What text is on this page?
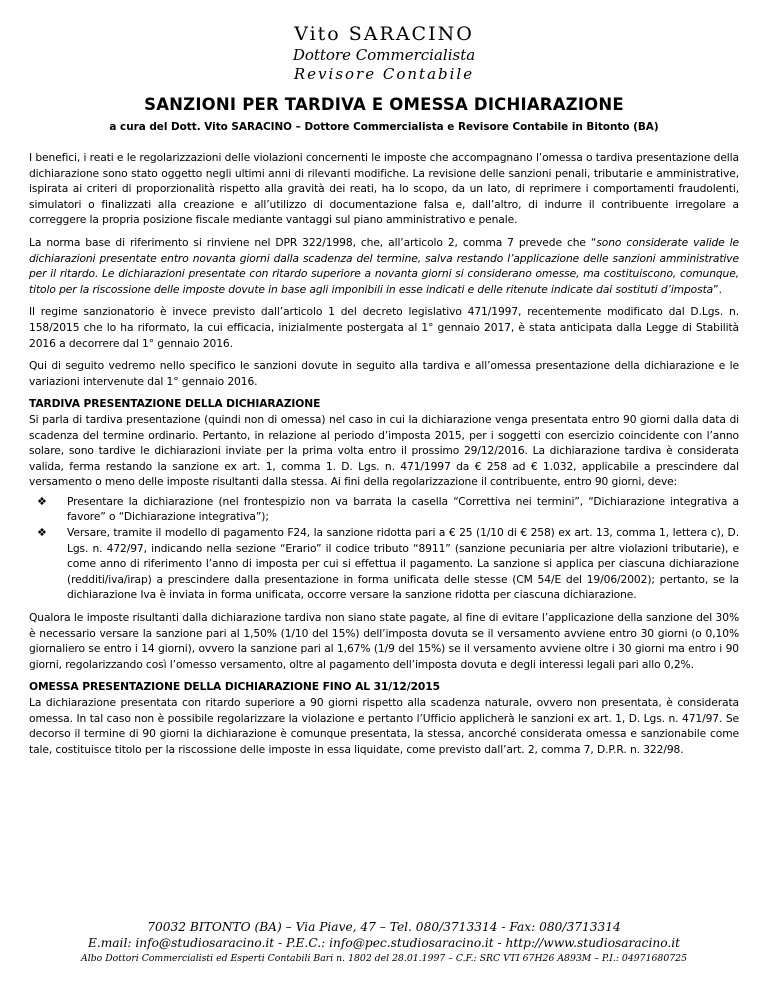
Vito SARACINO
Dottore Commercialista
Revisore Contabile
SANZIONI PER TARDIVA E OMESSA DICHIARAZIONE
a cura del Dott. Vito SARACINO – Dottore Commercialista e Revisore Contabile in Bitonto (BA)

I benefici, i reati e le regolarizzazioni delle violazioni concernenti le imposte che accompagnano l’omessa o tardiva presentazione della dichiarazione sono stato oggetto negli ultimi anni di rilevanti modifiche. La revisione delle sanzioni penali, tributarie e amministrative, ispirata ai criteri di proporzionalità rispetto alla gravità dei reati, ha lo scopo, da un lato, di reprimere i comportamenti fraudolenti, simulatori o finalizzati alla creazione e all’utilizzo di documentazione falsa e, dall’altro, di indurre il contribuente irregolare a correggere la propria posizione fiscale mediante vantaggi sul piano amministrativo e penale.

La norma base di riferimento si rinviene nel DPR 322/1998, che, all’articolo 2, comma 7 prevede che “sono considerate valide le dichiarazioni presentate entro novanta giorni dalla scadenza del termine, salva restando l’applicazione delle sanzioni amministrative per il ritardo. Le dichiarazioni presentate con ritardo superiore a novanta giorni si considerano omesse, ma costituiscono, comunque, titolo per la riscossione delle imposte dovute in base agli imponibili in esse indicati e delle ritenute indicate dai sostituti d’imposta”.

Il regime sanzionatorio è invece previsto dall’articolo 1 del decreto legislativo 471/1997, recentemente modificato dal D.Lgs. n. 158/2015 che lo ha riformato, la cui efficacia, inizialmente postergata al 1° gennaio 2017, è stata anticipata dalla Legge di Stabilità 2016 a decorrere dal 1° gennaio 2016.

Qui di seguito vedremo nello specifico le sanzioni dovute in seguito alla tardiva e all’omessa presentazione della dichiarazione e le variazioni intervenute dal 1° gennaio 2016.

TARDIVA PRESENTAZIONE DELLA DICHIARAZIONE

Si parla di tardiva presentazione (quindi non di omessa) nel caso in cui la dichiarazione venga presentata entro 90 giorni dalla data di scadenza del termine ordinario. Pertanto, in relazione al periodo d’imposta 2015, per i soggetti con esercizio coincidente con l’anno solare, sono tardive le dichiarazioni inviate per la prima volta entro il prossimo 29/12/2016. La dichiarazione tardiva è considerata valida, ferma restando la sanzione ex art. 1, comma 1. D. Lgs. n. 471/1997 da € 258 ad € 1.032, applicabile a prescindere dal versamento o meno delle imposte risultanti dalla stessa. Ai fini della regolarizzazione il contribuente, entro 90 giorni, deve:

❖ Presentare la dichiarazione (nel frontespizio non va barrata la casella “Correttiva nei termini”, “Dichiarazione integrativa a favore” o “Dichiarazione integrativa”);
❖ Versare, tramite il modello di pagamento F24, la sanzione ridotta pari a € 25 (1/10 di € 258) ex art. 13, comma 1, lettera c), D. Lgs. n. 472/97, indicando nella sezione “Erario” il codice tributo “8911” (sanzione pecuniaria per altre violazioni tributarie), e come anno di riferimento l’anno di imposta per cui si effettua il pagamento. La sanzione si applica per ciascuna dichiarazione (redditi/iva/irap) a prescindere dalla presentazione in forma unificata delle stesse (CM 54/E del 19/06/2002); pertanto, se la dichiarazione Iva è inviata in forma unificata, occorre versare la sanzione ridotta per ciascuna dichiarazione.

Qualora le imposte risultanti dalla dichiarazione tardiva non siano state pagate, al fine di evitare l’applicazione della sanzione del 30% è necessario versare la sanzione pari al 1,50% (1/10 del 15%) dell’imposta dovuta se il versamento avviene entro 30 giorni (o 0,10% giornaliero se entro i 14 giorni), ovvero la sanzione pari al 1,67% (1/9 del 15%) se il versamento avviene oltre i 30 giorni ma entro i 90 giorni, regolarizzando così l’omesso versamento, oltre al pagamento dell’imposta dovuta e degli interessi legali pari allo 0,2%.

OMESSA PRESENTAZIONE DELLA DICHIARAZIONE FINO AL 31/12/2015

La dichiarazione presentata con ritardo superiore a 90 giorni rispetto alla scadenza naturale, ovvero non presentata, è considerata omessa. In tal caso non è possibile regolarizzare la violazione e pertanto l’Ufficio applicherà le sanzioni ex art. 1, D. Lgs. n. 471/97. Se decorso il termine di 90 giorni la dichiarazione è comunque presentata, la stessa, ancorché considerata omessa e sanzionabile come tale, costituisce titolo per la riscossione delle imposte in essa liquidate, come previsto dall’art. 2, comma 7, D.P.R. n. 322/98.

70032 BITONTO (BA) – Via Piave, 47 – Tel. 080/3713314 - Fax: 080/3713314
E.mail: info@studiosaracino.it - P.E.C.: info@pec.studiosaracino.it - http://www.studiosaracino.it
Albo Dottori Commercialisti ed Esperti Contabili Bari n. 1802 del 28.01.1997 – C.F.: SRC VTI 67H26 A893M – P.I.: 04971680725
